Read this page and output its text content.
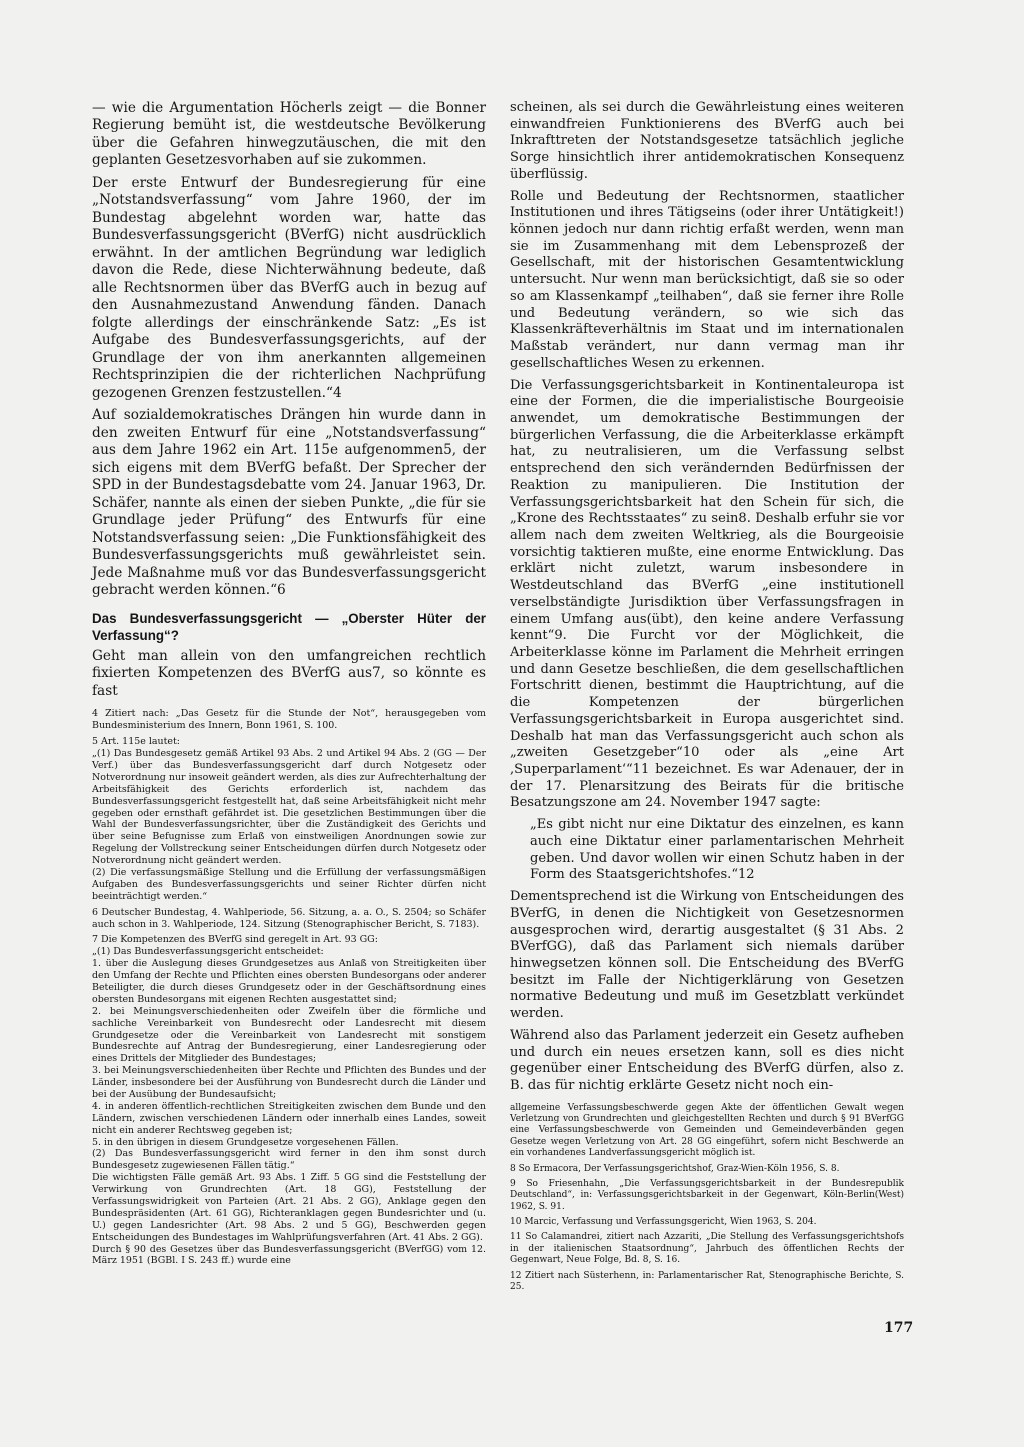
— wie die Argumentation Höcherls zeigt — die Bonner Regierung bemüht ist, die westdeutsche Bevölkerung über die Gefahren hinwegzutäuschen, die mit den geplanten Gesetzesvorhaben auf sie zukommen.

Der erste Entwurf der Bundesregierung für eine „Notstandsverfassung“ vom Jahre 1960, der im Bundestag abgelehnt worden war, hatte das Bundesverfassungsgericht (BVerfG) nicht ausdrücklich erwähnt. In der amtlichen Begründung war lediglich davon die Rede, diese Nichterwähnung bedeute, daß alle Rechtsnormen über das BVerfG auch in bezug auf den Ausnahmezustand Anwendung fänden. Danach folgte allerdings der einschränkende Satz: „Es ist Aufgabe des Bundesverfassungsgerichts, auf der Grundlage der von ihm anerkannten allgemeinen Rechtsprinzipien die der richterlichen Nachprüfung gezogenen Grenzen festzustellen.“4

Auf sozialdemokratisches Drängen hin wurde dann in den zweiten Entwurf für eine „Notstandsverfassung“ aus dem Jahre 1962 ein Art. 115e aufgenommen5, der sich eigens mit dem BVerfG befaßt. Der Sprecher der SPD in der Bundestagsdebatte vom 24. Januar 1963, Dr. Schäfer, nannte als einen der sieben Punkte, „die für sie Grundlage jeder Prüfung“ des Entwurfs für eine Notstandsverfassung seien: „Die Funktionsfähigkeit des Bundesverfassungsgerichts muß gewährleistet sein. Jede Maßnahme muß vor das Bundesverfassungsgericht gebracht werden können.“6

Das Bundesverfassungsgericht — „Oberster Hüter der Verfassung“?

Geht man allein von den umfangreichen rechtlich fixierten Kompetenzen des BVerfG aus7, so könnte es fast

4 Zitiert nach: „Das Gesetz für die Stunde der Not“, herausgegeben vom Bundesministerium des Innern, Bonn 1961, S. 100.

5 Art. 115e lautet:

„(1) Das Bundesgesetz gemäß Artikel 93 Abs. 2 und Artikel 94 Abs. 2 (GG — Der Verf.) über das Bundesverfassungsgericht darf durch Notgesetz oder Notverordnung nur insoweit geändert werden, als dies zur Aufrechterhaltung der Arbeitsfähigkeit des Gerichts erforderlich ist, nachdem das Bundesverfassungsgericht festgestellt hat, daß seine Arbeitsfähigkeit nicht mehr gegeben oder ernsthaft gefährdet ist. Die gesetzlichen Bestimmungen über die Wahl der Bundesverfassungsrichter, über die Zuständigkeit des Gerichts und über seine Befugnisse zum Erlaß von einstweiligen Anordnungen sowie zur Regelung der Vollstreckung seiner Entscheidungen dürfen durch Notgesetz oder Notverordnung nicht geändert werden.

(2) Die verfassungsmäßige Stellung und die Erfüllung der verfassungsmäßigen Aufgaben des Bundesverfassungsgerichts und seiner Richter dürfen nicht beeinträchtigt werden.“

6 Deutscher Bundestag, 4. Wahlperiode, 56. Sitzung, a. a. O., S. 2504; so Schäfer auch schon in 3. Wahlperiode, 124. Sitzung (Stenographischer Bericht, S. 7183).

7 Die Kompetenzen des BVerfG sind geregelt in Art. 93 GG:

„(1) Das Bundesverfassungsgericht entscheidet:

1. über die Auslegung dieses Grundgesetzes aus Anlaß von Streitigkeiten über den Umfang der Rechte und Pflichten eines obersten Bundesorgans oder anderer Beteiligter, die durch dieses Grundgesetz oder in der Geschäftsordnung eines obersten Bundesorgans mit eigenen Rechten ausgestattet sind;

2. bei Meinungsverschiedenheiten oder Zweifeln über die förmliche und sachliche Vereinbarkeit von Bundesrecht oder Landesrecht mit diesem Grundgesetze oder die Vereinbarkeit von Landesrecht mit sonstigem Bundesrechte auf Antrag der Bundesregierung, einer Landesregierung oder eines Drittels der Mitglieder des Bundestages;

3. bei Meinungsverschiedenheiten über Rechte und Pflichten des Bundes und der Länder, insbesondere bei der Ausführung von Bundesrecht durch die Länder und bei der Ausübung der Bundesaufsicht;

4. in anderen öffentlich-rechtlichen Streitigkeiten zwischen dem Bunde und den Ländern, zwischen verschiedenen Ländern oder innerhalb eines Landes, soweit nicht ein anderer Rechtsweg gegeben ist;

5. in den übrigen in diesem Grundgesetze vorgesehenen Fällen.

(2) Das Bundesverfassungsgericht wird ferner in den ihm sonst durch Bundesgesetz zugewiesenen Fällen tätig.“

Die wichtigsten Fälle gemäß Art. 93 Abs. 1 Ziff. 5 GG sind die Feststellung der Verwirkung von Grundrechten (Art. 18 GG), Feststellung der Verfassungswidrigkeit von Parteien (Art. 21 Abs. 2 GG), Anklage gegen den Bundespräsidenten (Art. 61 GG), Richteranklagen gegen Bundesrichter und (u. U.) gegen Landesrichter (Art. 98 Abs. 2 und 5 GG), Beschwerden gegen Entscheidungen des Bundestages im Wahlprüfungsverfahren (Art. 41 Abs. 2 GG).

Durch § 90 des Gesetzes über das Bundesverfassungsgericht (BVerfGG) vom 12. März 1951 (BGBl. I S. 243 ff.) wurde eine

scheinen, als sei durch die Gewährleistung eines weiteren einwandfreien Funktionierens des BVerfG auch bei Inkrafttreten der Notstandsgesetze tatsächlich jegliche Sorge hinsichtlich ihrer antidemokratischen Konsequenz überflüssig.

Rolle und Bedeutung der Rechtsnormen, staatlicher Institutionen und ihres Tätigseins (oder ihrer Untätigkeit!) können jedoch nur dann richtig erfaßt werden, wenn man sie im Zusammenhang mit dem Lebensprozeß der Gesellschaft, mit der historischen Gesamtentwicklung untersucht. Nur wenn man berücksichtigt, daß sie so oder so am Klassenkampf „teilhaben“, daß sie ferner ihre Rolle und Bedeutung verändern, so wie sich das Klassenkräfteverhältnis im Staat und im internationalen Maßstab verändert, nur dann vermag man ihr gesellschaftliches Wesen zu erkennen.

Die Verfassungsgerichtsbarkeit in Kontinentaleuropa ist eine der Formen, die die imperialistische Bourgeoisie anwendet, um demokratische Bestimmungen der bürgerlichen Verfassung, die die Arbeiterklasse erkämpft hat, zu neutralisieren, um die Verfassung selbst entsprechend den sich verändernden Bedürfnissen der Reaktion zu manipulieren. Die Institution der Verfassungsgerichtsbarkeit hat den Schein für sich, die „Krone des Rechtsstaates“ zu sein8. Deshalb erfuhr sie vor allem nach dem zweiten Weltkrieg, als die Bourgeoisie vorsichtig taktieren mußte, eine enorme Entwicklung. Das erklärt nicht zuletzt, warum insbesondere in Westdeutschland das BVerfG „eine institutionell verselbständigte Jurisdiktion über Verfassungsfragen in einem Umfang aus(übt), den keine andere Verfassung kennt“9. Die Furcht vor der Möglichkeit, die Arbeiterklasse könne im Parlament die Mehrheit erringen und dann Gesetze beschließen, die dem gesellschaftlichen Fortschritt dienen, bestimmt die Hauptrichtung, auf die die Kompetenzen der bürgerlichen Verfassungsgerichtsbarkeit in Europa ausgerichtet sind. Deshalb hat man das Verfassungsgericht auch schon als „zweiten Gesetzgeber“10 oder als „eine Art ,Superparlament‘“11 bezeichnet. Es war Adenauer, der in der 17. Plenarsitzung des Beirats für die britische Besatzungszone am 24. November 1947 sagte:

„Es gibt nicht nur eine Diktatur des einzelnen, es kann auch eine Diktatur einer parlamentarischen Mehrheit geben. Und davor wollen wir einen Schutz haben in der Form des Staatsgerichtshofes.“12

Dementsprechend ist die Wirkung von Entscheidungen des BVerfG, in denen die Nichtigkeit von Gesetzesnormen ausgesprochen wird, derartig ausgestaltet (§ 31 Abs. 2 BVerfGG), daß das Parlament sich niemals darüber hinwegsetzen können soll. Die Entscheidung des BVerfG besitzt im Falle der Nichtigerklärung von Gesetzen normative Bedeutung und muß im Gesetzblatt verkündet werden.

Während also das Parlament jederzeit ein Gesetz aufheben und durch ein neues ersetzen kann, soll es dies nicht gegenüber einer Entscheidung des BVerfG dürfen, also z. B. das für nichtig erklärte Gesetz nicht noch ein-

allgemeine Verfassungsbeschwerde gegen Akte der öffentlichen Gewalt wegen Verletzung von Grundrechten und gleichgestellten Rechten und durch § 91 BVerfGG eine Verfassungsbeschwerde von Gemeinden und Gemeindeverbänden gegen Gesetze wegen Verletzung von Art. 28 GG eingeführt, sofern nicht Beschwerde an ein vorhandenes Landverfassungsgericht möglich ist.

8 So Ermacora, Der Verfassungsgerichtshof, Graz-Wien-Köln 1956, S. 8.

9 So Friesenhahn, „Die Verfassungsgerichtsbarkeit in der Bundesrepublik Deutschland“, in: Verfassungsgerichtsbarkeit in der Gegenwart, Köln-Berlin(West) 1962, S. 91.

10 Marcic, Verfassung und Verfassungsgericht, Wien 1963, S. 204.

11 So Calamandrei, zitiert nach Azzariti, „Die Stellung des Verfassungsgerichtshofs in der italienischen Staatsordnung“, Jahrbuch des öffentlichen Rechts der Gegenwart, Neue Folge, Bd. 8, S. 16.

12 Zitiert nach Süsterhenn, in: Parlamentarischer Rat, Stenographische Berichte, S. 25.

177
